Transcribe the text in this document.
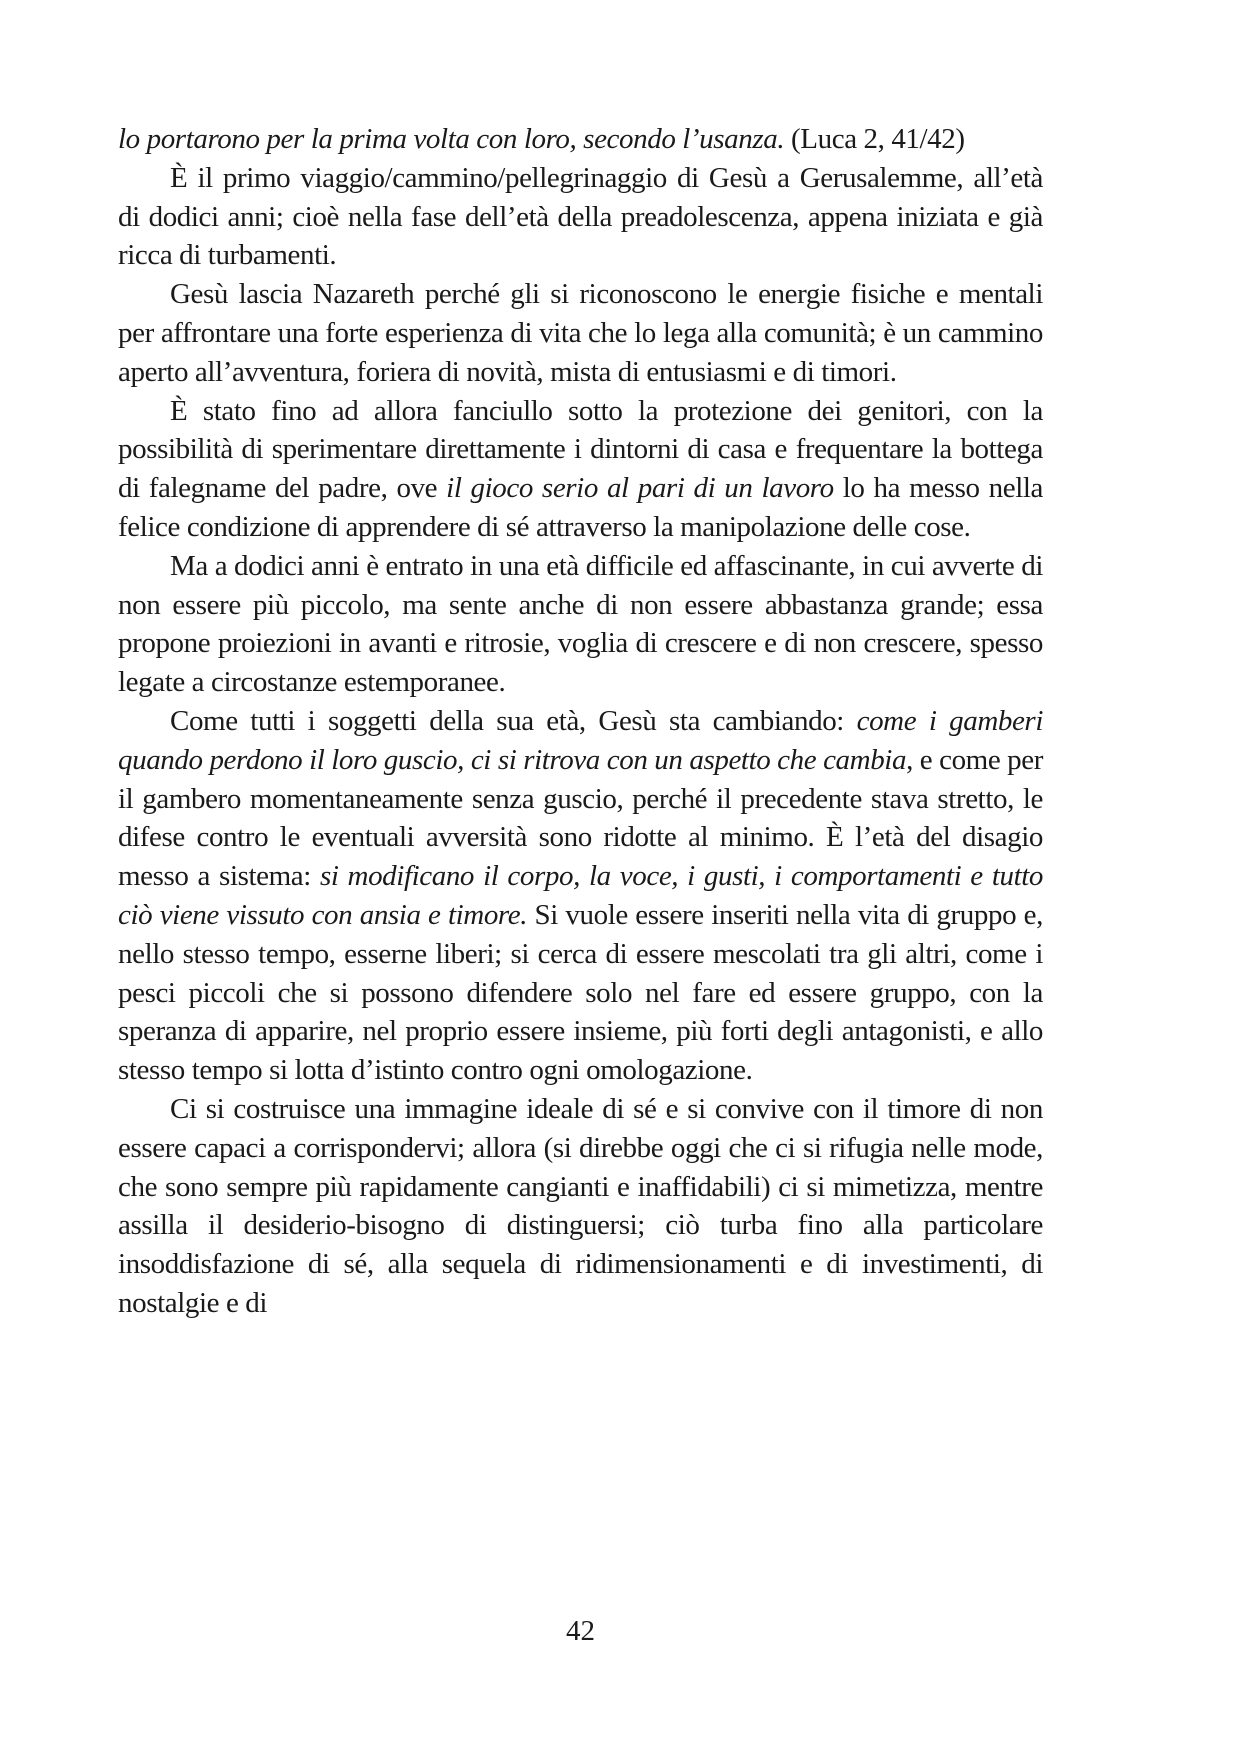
lo portarono per la prima volta con loro, secondo l’usanza. (Luca 2, 41/42)

È il primo viaggio/cammino/pellegrinaggio di Gesù a Gerusalemme, all’età di dodici anni; cioè nella fase dell’età della preadolescenza, appena iniziata e già ricca di turbamenti.

Gesù lascia Nazareth perché gli si riconoscono le energie fisiche e mentali per affrontare una forte esperienza di vita che lo lega alla comunità; è un cammino aperto all’avventura, foriera di novità, mista di entusiasmi e di timori.

È stato fino ad allora fanciullo sotto la protezione dei genitori, con la possibilità di sperimentare direttamente i dintorni di casa e frequentare la bottega di falegname del padre, ove il gioco serio al pari di un lavoro lo ha messo nella felice condizione di apprendere di sé attraverso la manipolazione delle cose.

Ma a dodici anni è entrato in una età difficile ed affascinante, in cui avverte di non essere più piccolo, ma sente anche di non essere abbastanza grande; essa propone proiezioni in avanti e ritrosie, voglia di crescere e di non crescere, spesso legate a circostanze estemporanee.

Come tutti i soggetti della sua età, Gesù sta cambiando: come i gamberi quando perdono il loro guscio, ci si ritrova con un aspetto che cambia, e come per il gambero momentaneamente senza guscio, perché il precedente stava stretto, le difese contro le eventuali avversità sono ridotte al minimo. È l’età del disagio messo a sistema: si modificano il corpo, la voce, i gusti, i comportamenti e tutto ciò viene vissuto con ansia e timore. Si vuole essere inseriti nella vita di gruppo e, nello stesso tempo, esserne liberi; si cerca di essere mescolati tra gli altri, come i pesci piccoli che si possono difendere solo nel fare ed essere gruppo, con la speranza di apparire, nel proprio essere insieme, più forti degli antagonisti, e allo stesso tempo si lotta d’istinto contro ogni omologazione.

Ci si costruisce una immagine ideale di sé e si convive con il timore di non essere capaci a corrispondervi; allora (si direbbe oggi che ci si rifugia nelle mode, che sono sempre più rapidamente cangianti e inaffidabili) ci si mimetizza, mentre assilla il desiderio-bisogno di distinguersi; ciò turba fino alla particolare insoddisfazione di sé, alla sequela di ridimensionamenti e di investimenti, di nostalgie e di

42
